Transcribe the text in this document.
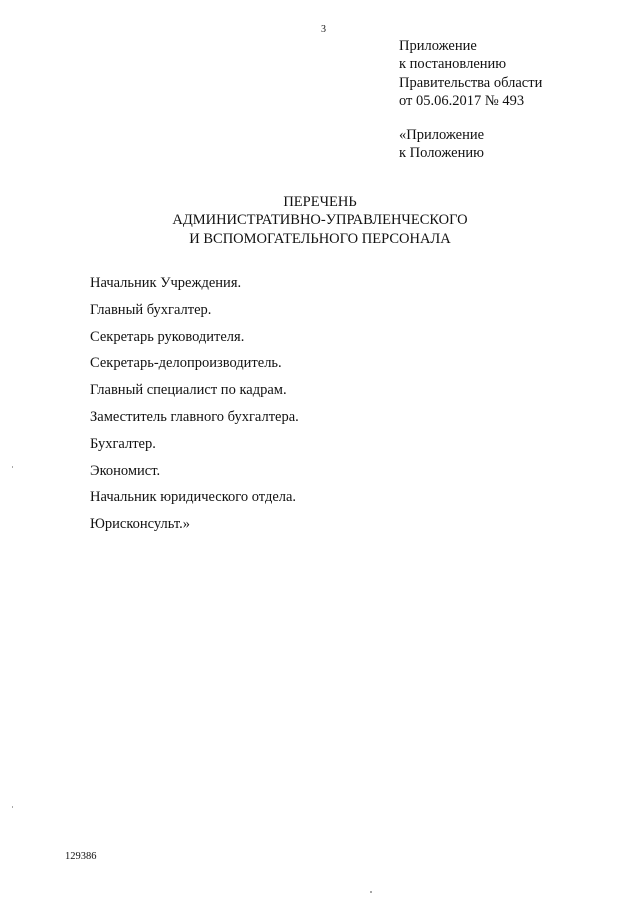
3
Приложение
к постановлению
Правительства области
от 05.06.2017 № 493
«Приложение
к Положению
ПЕРЕЧЕНЬ
АДМИНИСТРАТИВНО-УПРАВЛЕНЧЕСКОГО
И ВСПОМОГАТЕЛЬНОГО ПЕРСОНАЛА
Начальник Учреждения.
Главный бухгалтер.
Секретарь руководителя.
Секретарь-делопроизводитель.
Главный специалист по кадрам.
Заместитель главного бухгалтера.
Бухгалтер.
Экономист.
Начальник юридического отдела.
Юрисконсульт.»
129386
